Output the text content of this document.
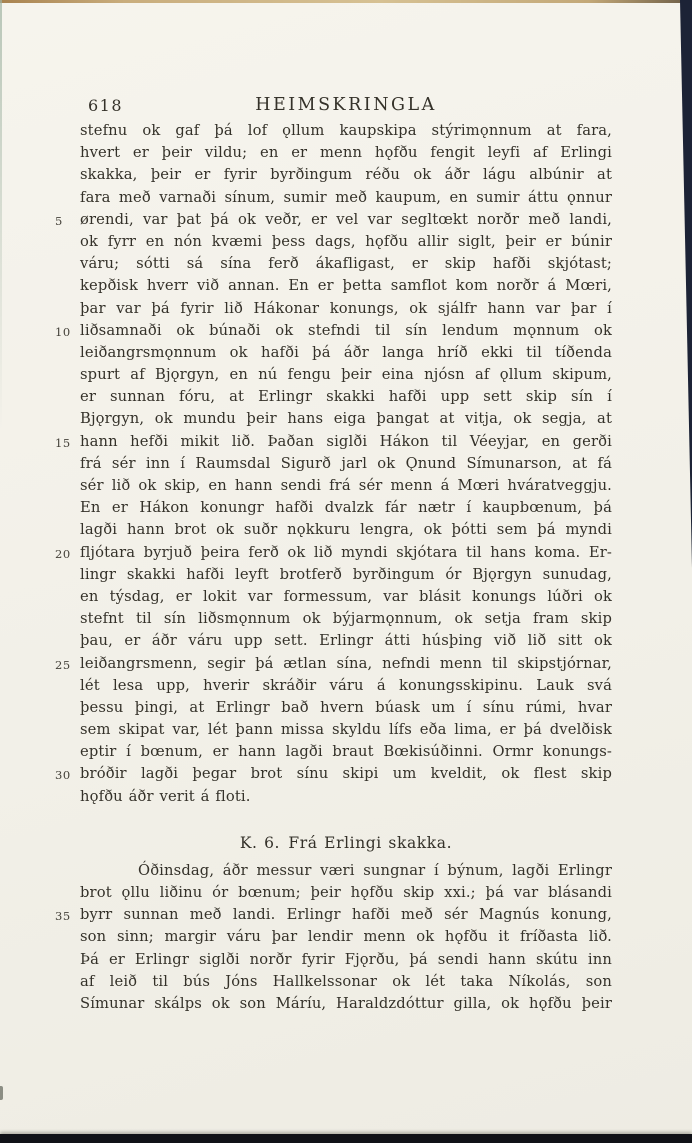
618	HEIMSKRINGLA
stefnu ok gaf þá lof ǫllum kaupskipa stýrimǫnnum at fara,
hvert er þeir vildu; en er menn hǫfðu fengit leyfi af Erlingi
skakka, þeir er fyrir byrðingum réðu ok áðr lágu albúnir at
fara með varnaði sínum, sumir með kaupum, en sumir áttu ǫnnur
5 ørendi, var þat þá ok veðr, er vel var segltœkt norðr með landi,
ok fyrr en nón kvæmi þess dags, hǫfðu allir siglt, þeir er búnir
váru; sótti sá sína ferð ákafligast, er skip hafði skjótast;
kepðisk hverr við annan. En er þetta samflot kom norðr á Mœri,
þar var þá fyrir lið Hákonar konungs, ok sjálfr hann var þar í
10 liðsamnaði ok búnaði ok stefndi til sín lendum mǫnnum ok
leiðangrsmǫnnum ok hafði þá áðr langa hríð ekki til tíðenda
spurt af Bjǫrgyn, en nú fengu þeir eina njósn af ǫllum skipum,
er sunnan fóru, at Erlingr skakki hafði upp sett skip sín í
Bjǫrgyn, ok mundu þeir hans eiga þangat at vitja, ok segja, at
15 hann hefði mikit lið. Þaðan siglði Hákon til Véeyjar, en gerði
frá sér inn í Raumsdal Sigurð jarl ok Ǫnund Símunarson, at fá
sér lið ok skip, en hann sendi frá sér menn á Mœri hváratveggju.
En er Hákon konungr hafði dvalzk fár nætr í kaupbœnum, þá
lagði hann brot ok suðr nǫkkuru lengra, ok þótti sem þá myndi
20 fljótara byrjuð þeira ferð ok lið myndi skjótara til hans koma. Er-
lingr skakki hafði leyft brotferð byrðingum ór Bjǫrgyn sunudag,
en týsdag, er lokit var formessum, var blásit konungs lúðri ok
stefnt til sín liðsmǫnnum ok býjarmǫnnum, ok setja fram skip
þau, er áðr váru upp sett. Erlingr átti húsþing við lið sitt ok
25 leiðangrsmenn, segir þá ætlan sína, nefndi menn til skipstjórnar,
lét lesa upp, hverir skráðir váru á konungsskipinu. Lauk svá
þessu þingi, at Erlingr bað hvern búask um í sínu rúmi, hvar
sem skipat var, lét þann missa skyldu lífs eða lima, er þá dvelðisk
eptir í bœnum, er hann lagði braut Bœkisúðinni. Ormr konungs-
30 bróðir lagði þegar brot sínu skipi um kveldit, ok flest skip
hǫfðu áðr verit á floti.
K. 6. Frá Erlingi skakka.
Óðinsdag, áðr messur væri sungnar í býnum, lagði Erlingr
brot ǫllu liðinu ór bœnum; þeir hǫfðu skip xxi.; þá var blásandi
35 byrr sunnan með landi. Erlingr hafði með sér Magnús konung,
son sinn; margir váru þar lendir menn ok hǫfðu it fríðasta lið.
Þá er Erlingr siglði norðr fyrir Fjǫrðu, þá sendi hann skútu inn
af leið til bús Jóns Hallkelssonar ok lét taka Níkolás, son
Símunar skálps ok son Máríu, Haraldzdóttur gilla, ok hǫfðu þeir
